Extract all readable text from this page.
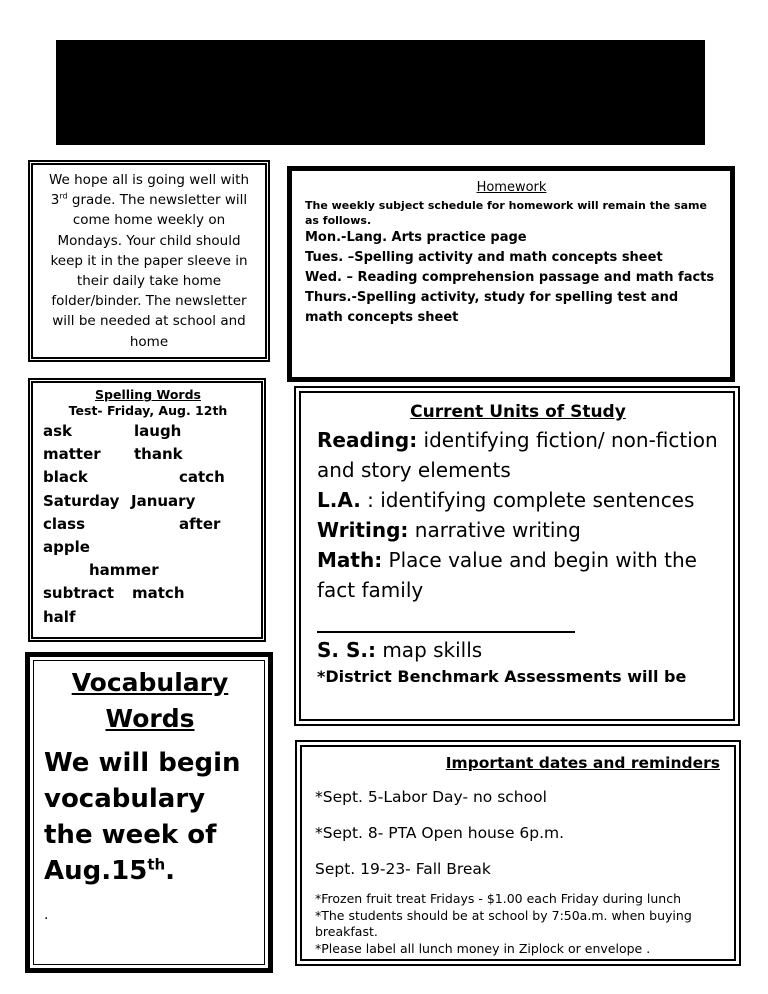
We hope all is going well with 3rd grade. The newsletter will come home weekly on Mondays. Your child should keep it in the paper sleeve in their daily take home folder/binder. The newsletter will be needed at school and home
Homework
The weekly subject schedule for homework will remain the same as follows.
Mon.-Lang. Arts practice page
Tues. –Spelling activity and math concepts sheet
Wed. – Reading comprehension passage and math facts
Thurs.-Spelling activity, study for spelling test and math concepts sheet
Spelling Words
Test- Friday, Aug. 12th
ask	laugh
matter thank
black	catch
Saturday January
class	after
apple
hammer
subtract match
half
Vocabulary
Words
We will begin vocabulary the week of Aug.15th.
.
Current Units of Study
Reading: identifying fiction/ non-fiction and story elements
L.A. : identifying complete sentences
Writing: narrative writing
Math: Place value and begin with the fact family
S. S.: map skills
*District Benchmark Assessments will be
Important dates and reminders
*Sept. 5-Labor Day- no school
*Sept. 8- PTA Open house 6p.m.
Sept. 19-23- Fall Break
*Frozen fruit treat Fridays - $1.00 each Friday during lunch
*The students should be at school by 7:50a.m. when buying breakfast.
*Please label all lunch money in Ziplock or envelope .
